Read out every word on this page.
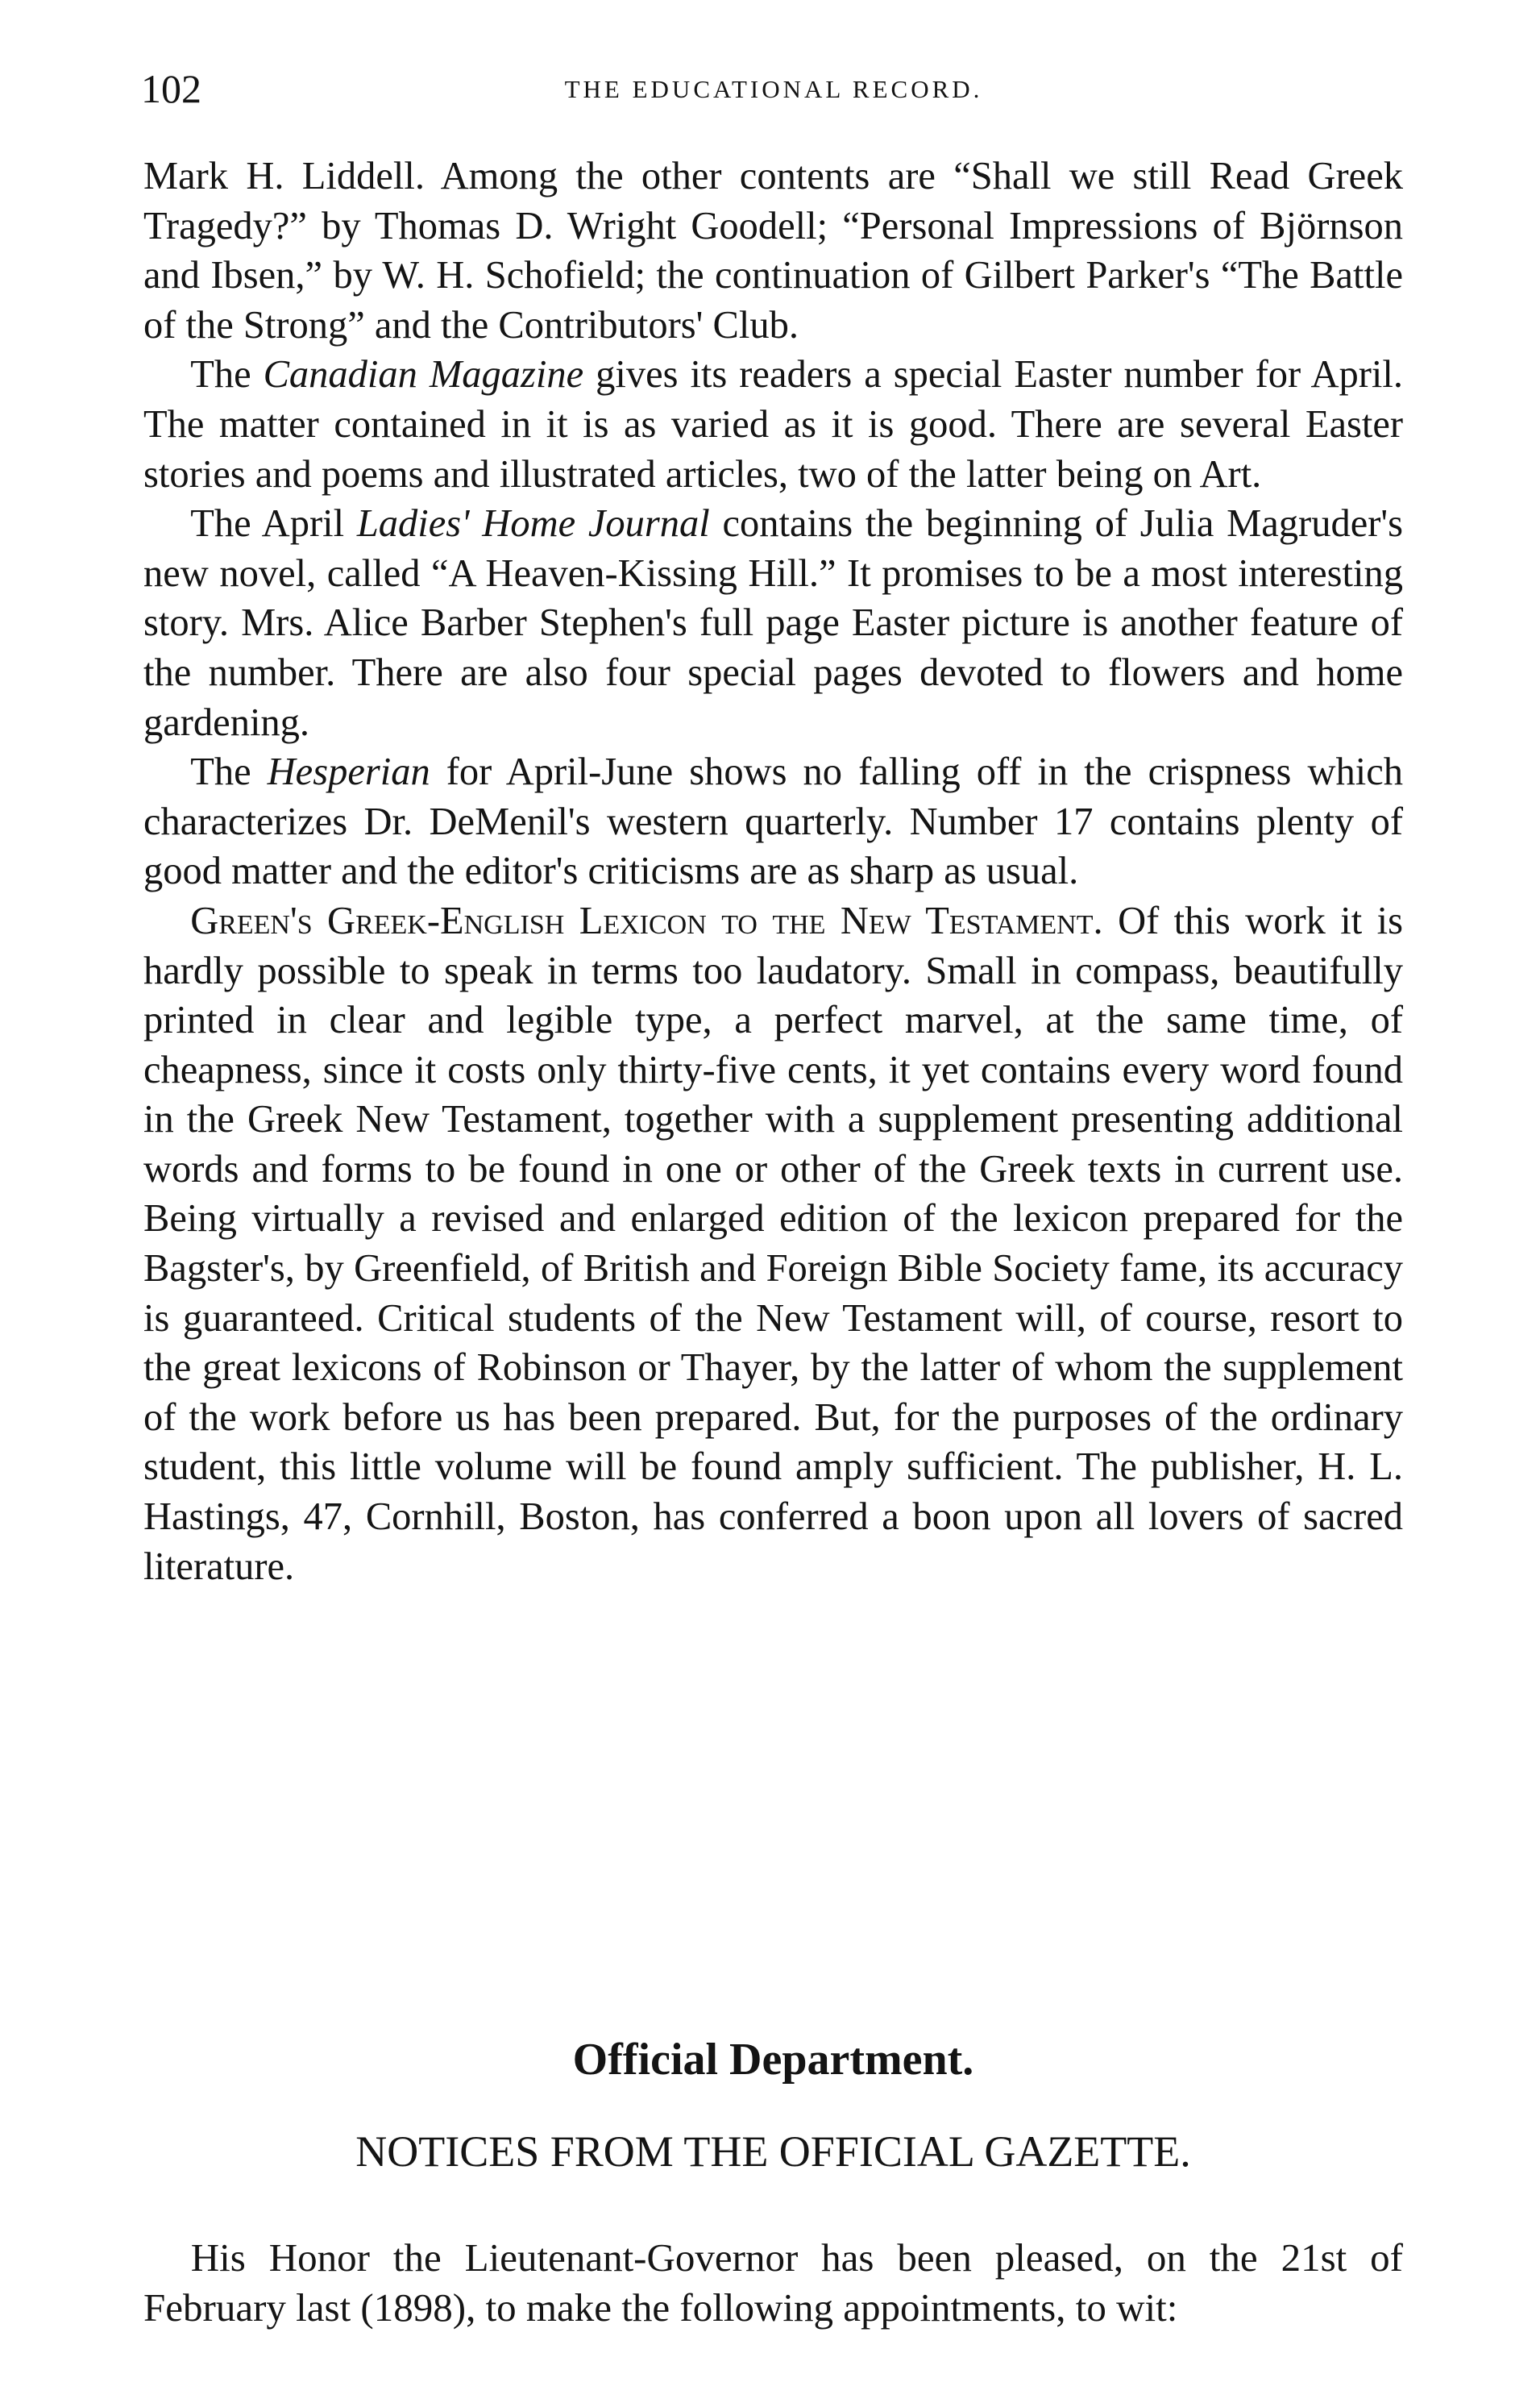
102	THE EDUCATIONAL RECORD.

Mark H. Liddell. Among the other contents are “Shall we still Read Greek Tragedy?” by Thomas D. Wright Goodell; “Personal Impressions of Björnson and Ibsen,” by W. H. Schofield; the continuation of Gilbert Parker's “The Battle of the Strong” and the Contributors' Club.

The Canadian Magazine gives its readers a special Easter number for April. The matter contained in it is as varied as it is good. There are several Easter stories and poems and illustrated articles, two of the latter being on Art.

The April Ladies' Home Journal contains the beginning of Julia Magruder's new novel, called “A Heaven-Kissing Hill.” It promises to be a most interesting story. Mrs. Alice Barber Stephen's full page Easter picture is another feature of the number. There are also four special pages devoted to flowers and home gardening.

The Hesperian for April-June shows no falling off in the crispness which characterizes Dr. DeMenil's western quarterly. Number 17 contains plenty of good matter and the editor's criticisms are as sharp as usual.

Green's Greek-English Lexicon to the New Testament. Of this work it is hardly possible to speak in terms too laudatory. Small in compass, beautifully printed in clear and legible type, a perfect marvel, at the same time, of cheapness, since it costs only thirty-five cents, it yet contains every word found in the Greek New Testament, together with a supplement presenting additional words and forms to be found in one or other of the Greek texts in current use. Being virtually a revised and enlarged edition of the lexicon prepared for the Bagster's, by Greenfield, of British and Foreign Bible Society fame, its accuracy is guaranteed. Critical students of the New Testament will, of course, resort to the great lexicons of Robinson or Thayer, by the latter of whom the supplement of the work before us has been prepared. But, for the purposes of the ordinary student, this little volume will be found amply sufficient. The publisher, H. L. Hastings, 47, Cornhill, Boston, has conferred a boon upon all lovers of sacred literature.

Official Department.
NOTICES FROM THE OFFICIAL GAZETTE.

His Honor the Lieutenant-Governor has been pleased, on the 21st of February last (1898), to make the following appointments, to wit:
